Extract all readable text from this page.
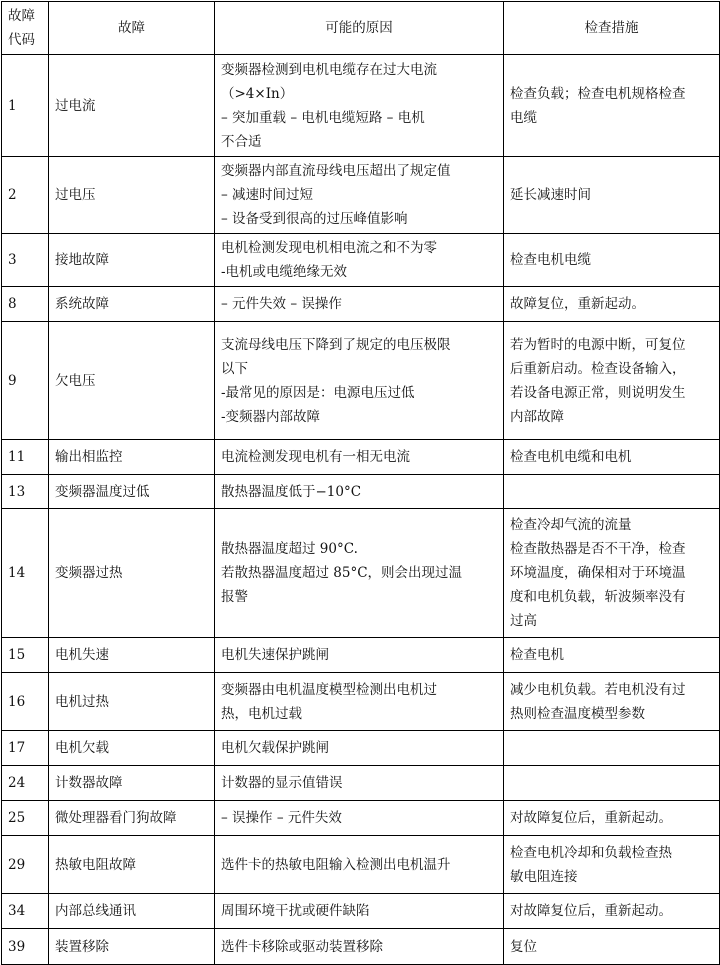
故障 代码	故障	可能的原因	检查措施
1	过电流	变频器检测到电机电缆存在过大电流
（>4×In）
– 突加重载 – 电机电缆短路 – 电机
不合适	检查负载；检查电机规格检查
电缆

2	过电压	变频器内部直流母线电压超出了规定值
– 减速时间过短
– 设备受到很高的过压峰值影响	延长减速时间

3	接地故障	电机检测发现电机相电流之和不为零
-电机或电缆绝缘无效	检查电机电缆

8	系统故障	– 元件失效 – 误操作	故障复位，重新起动。

9	欠电压	支流母线电压下降到了规定的电压极限
以下
-最常见的原因是：电源电压过低
-变频器内部故障	若为暂时的电源中断，可复位
后重新启动。检查设备输入，
若设备电源正常，则说明发生
内部故障

11	输出相监控	电流检测发现电机有一相无电流	检查电机电缆和电机

13	变频器温度过低	散热器温度低于−10°C	

14	变频器过热	散热器温度超过 90°C.
若散热器温度超过 85°C，则会出现过温
报警	检查冷却气流的流量
检查散热器是否不干净，检查
环境温度，确保相对于环境温
度和电机负载，斩波频率没有
过高

15	电机失速	电机失速保护跳闸	检查电机

16	电机过热	变频器由电机温度模型检测出电机过
热，电机过载	减少电机负载。若电机没有过
热则检查温度模型参数

17	电机欠载	电机欠载保护跳闸	

24	计数器故障	计数器的显示值错误	

25	微处理器看门狗故障	– 误操作 – 元件失效	对故障复位后，重新起动。

29	热敏电阻故障	选件卡的热敏电阻输入检测出电机温升	检查电机冷却和负载检查热
敏电阻连接

34	内部总线通讯	周围环境干扰或硬件缺陷	对故障复位后，重新起动。

39	装置移除	选件卡移除或驱动装置移除	复位
